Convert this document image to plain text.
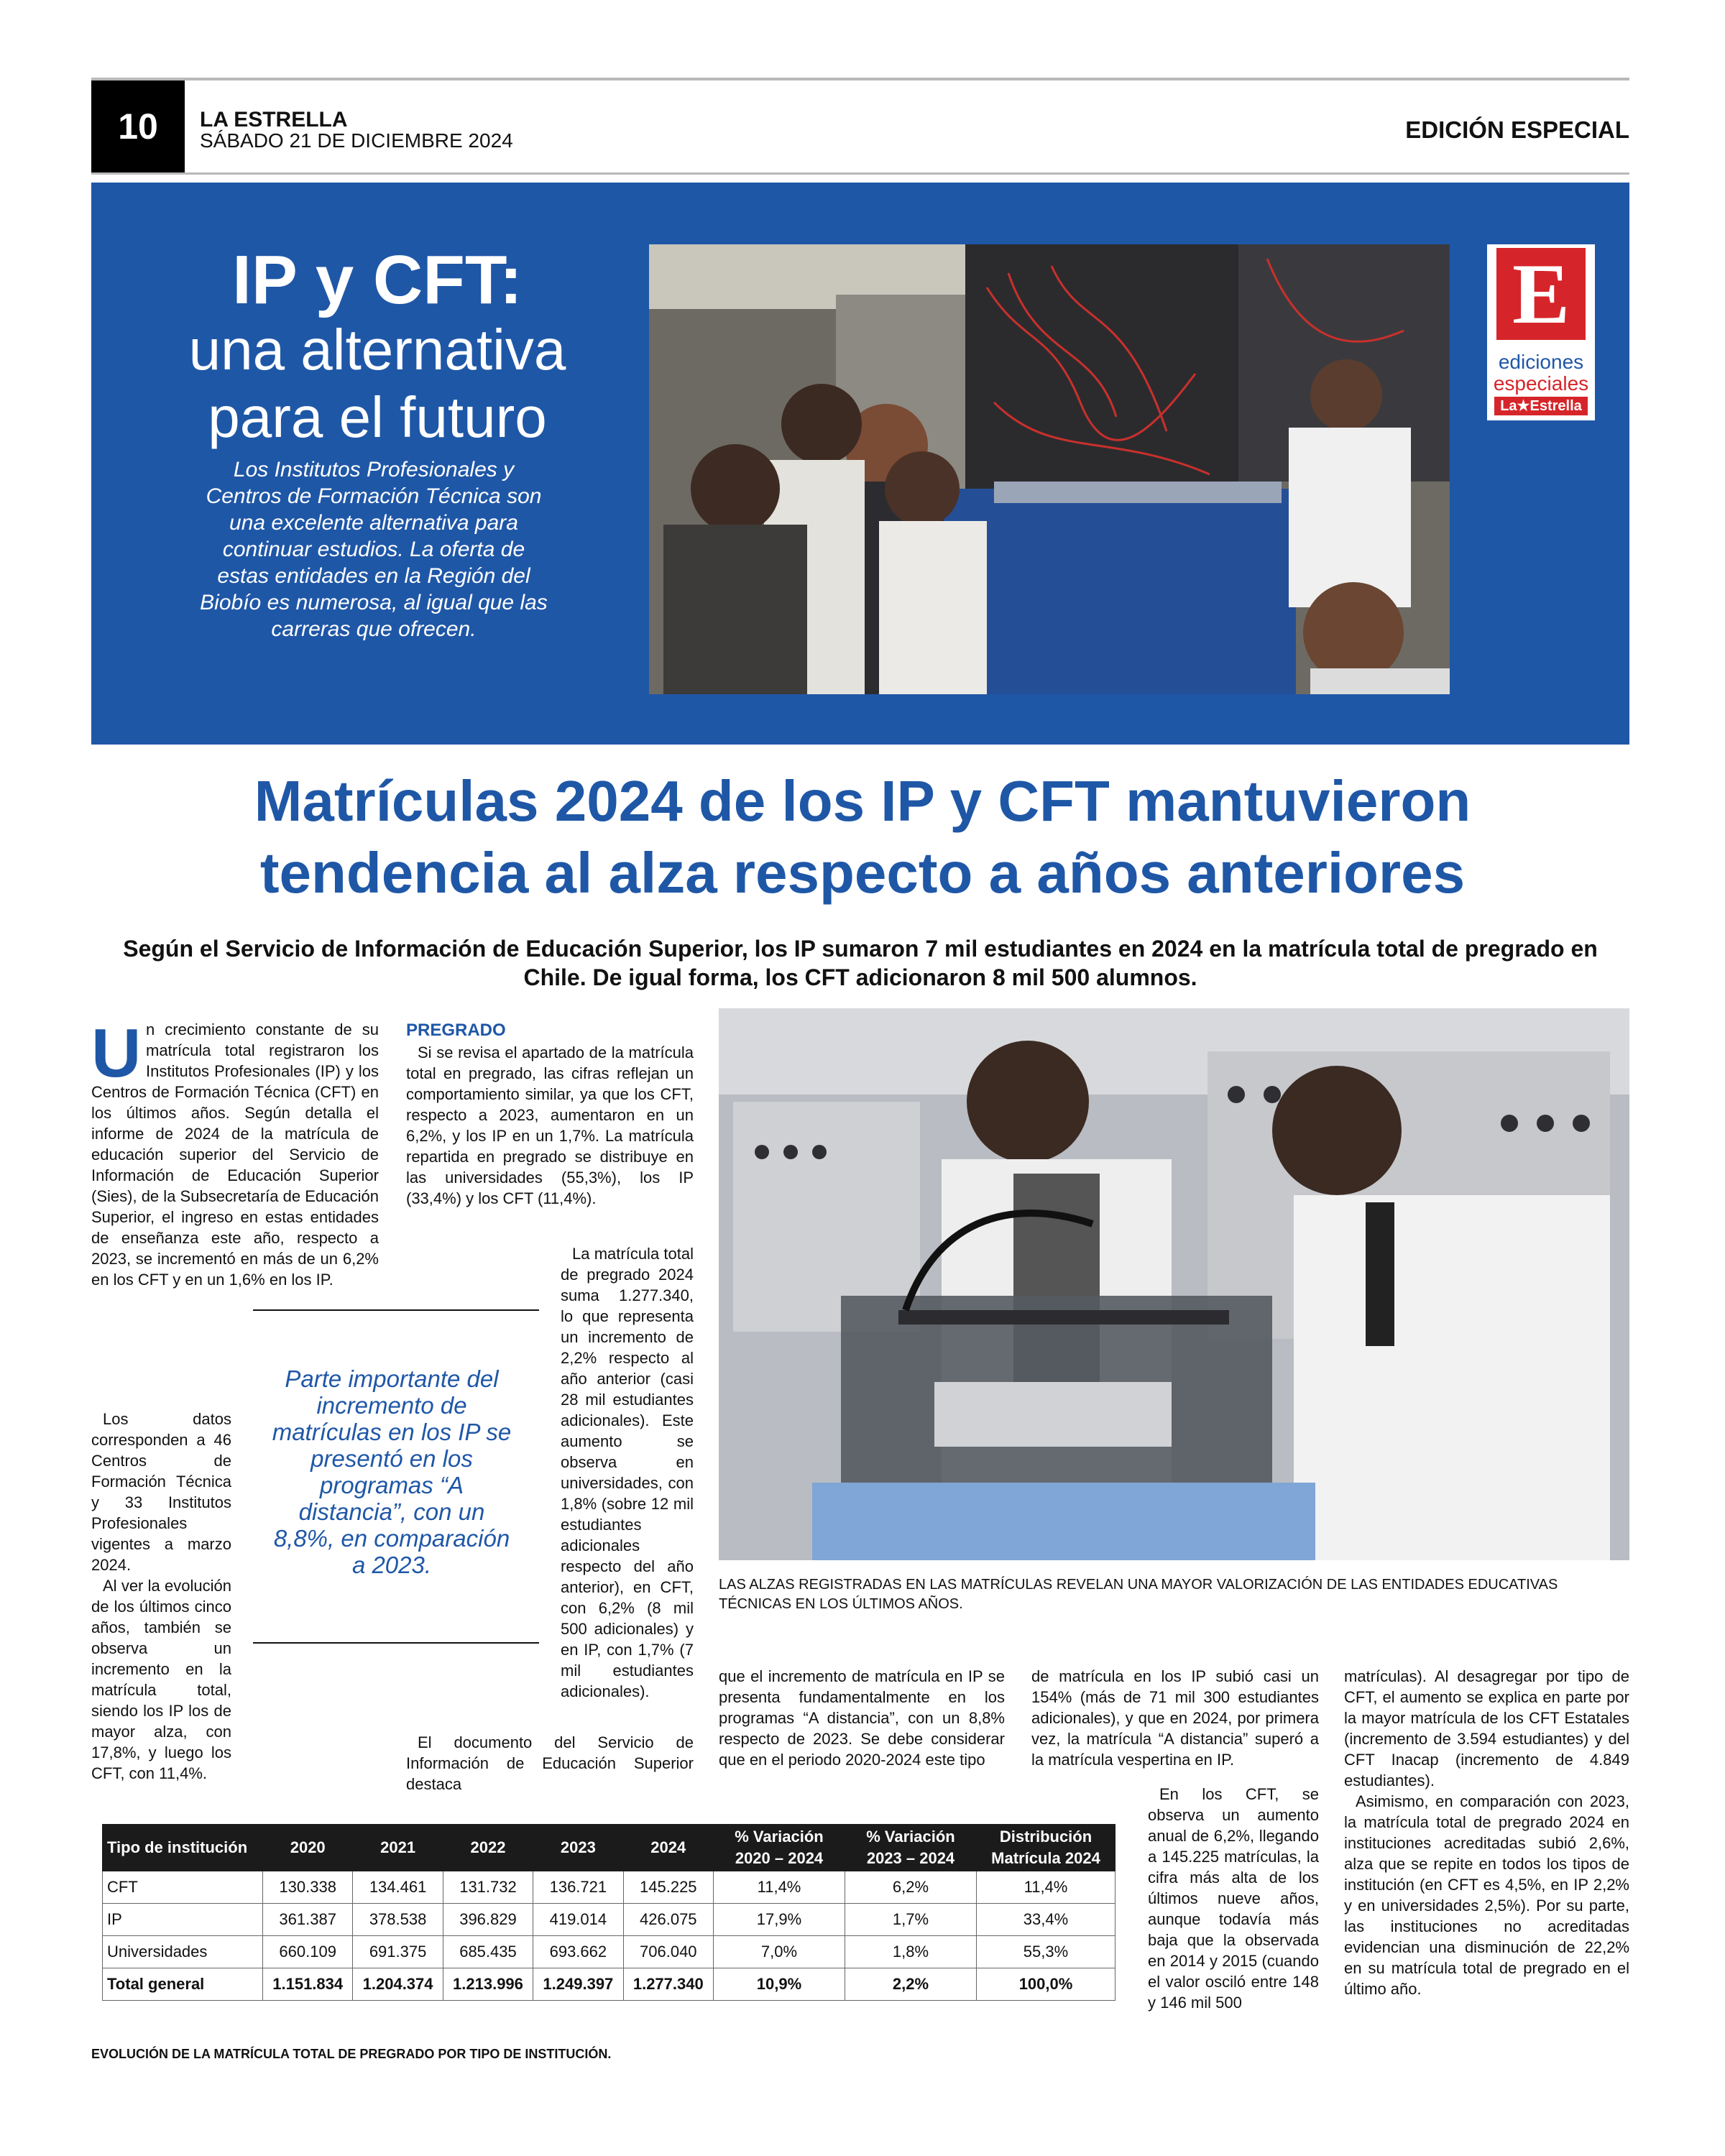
10	LA ESTRELLA
SÁBADO 21 DE DICIEMBRE 2024	EDICIÓN ESPECIAL
IP y CFT:
una alternativa
para el futuro
Los Institutos Profesionales y Centros de Formación Técnica son una excelente alternativa para continuar estudios. La oferta de estas entidades en la Región del Biobío es numerosa, al igual que las carreras que ofrecen.
E
ediciones
especiales
La★Estrella
Matrículas 2024 de los IP y CFT mantuvieron tendencia al alza respecto a años anteriores
Según el Servicio de Información de Educación Superior, los IP sumaron 7 mil estudiantes en 2024 en la matrícula total de pregrado en Chile. De igual forma, los CFT adicionaron 8 mil 500 alumnos.
U n crecimiento constante de su matrícula total registraron los Institutos Profesionales (IP) y los Centros de Formación Técnica (CFT) en los últimos años. Según detalla el informe de 2024 de la matrícula de educación superior del Servicio de Información de Educación Superior (Sies), de la Subsecretaría de Educación Superior, el ingreso en estas entidades de enseñanza este año, respecto a 2023, se incrementó en más de un 6,2% en los CFT y en un 1,6% en los IP.

Los datos corresponden a 46 Centros de Formación Técnica y 33 Institutos Profesionales vigentes a marzo 2024.

Al ver la evolución de los últimos cinco años, también se observa un incremento en la matrícula total, siendo los IP los de mayor alza, con 17,8%, y luego los CFT, con 11,4%.

Parte importante del incremento de matrículas en los IP se presentó en los programas “A distancia”, con un 8,8%, en comparación a 2023.
PREGRADO

Si se revisa el apartado de la matrícula total en pregrado, las cifras reflejan un comportamiento similar, ya que los CFT, respecto a 2023, aumentaron en un 6,2%, y los IP en un 1,7%. La matrícula repartida en pregrado se distribuye en las universidades (55,3%), los IP (33,4%) y los CFT (11,4%).

La matrícula total de pregrado 2024 suma 1.277.340, lo que representa un incremento de 2,2% respecto al año anterior (casi 28 mil estudiantes adicionales). Este aumento se observa en universidades, con 1,8% (sobre 12 mil estudiantes adicionales respecto del año anterior), en CFT, con 6,2% (8 mil 500 adicionales) y en IP, con 1,7% (7 mil estudiantes adicionales).

El documento del Servicio de Información de Educación Superior destaca

LAS ALZAS REGISTRADAS EN LAS MATRÍCULAS REVELAN UNA MAYOR VALORIZACIÓN DE LAS ENTIDADES EDUCATIVAS TÉCNICAS EN LOS ÚLTIMOS AÑOS.

que el incremento de matrícula en IP se presenta fundamentalmente en los programas “A distancia”, con un 8,8% respecto de 2023. Se debe considerar que en el periodo 2020-2024 este tipo

de matrícula en los IP subió casi un 154% (más de 71 mil 300 estudiantes adicionales), y que en 2024, por primera vez, la matrícula “A distancia” superó a la matrícula vespertina en IP.

En los CFT, se observa un aumento anual de 6,2%, llegando a 145.225 matrículas, la cifra más alta de los últimos nueve años, aunque todavía más baja que la observada en 2014 y 2015 (cuando el valor osciló entre 148 y 146 mil 500

matrículas). Al desagregar por tipo de CFT, el aumento se explica en parte por la mayor matrícula de los CFT Estatales (incremento de 3.594 estudiantes) y del CFT Inacap (incremento de 4.849 estudiantes).

Asimismo, en comparación con 2023, la matrícula total de pregrado 2024 en instituciones acreditadas subió 2,6%, alza que se repite en todos los tipos de institución (en CFT es 4,5%, en IP 2,2% y en universidades 2,5%). Por su parte, las instituciones no acreditadas evidencian una disminución de 22,2% en su matrícula total de pregrado en el último año.

Tipo de institución	2020	2021	2022	2023	2024	% Variación 2020 – 2024	% Variación 2023 – 2024	Distribución Matrícula 2024
CFT	130.338	134.461	131.732	136.721	145.225	11,4%	6,2%	11,4%
IP	361.387	378.538	396.829	419.014	426.075	17,9%	1,7%	33,4%
Universidades	660.109	691.375	685.435	693.662	706.040	7,0%	1,8%	55,3%
Total general	1.151.834	1.204.374	1.213.996	1.249.397	1.277.340	10,9%	2,2%	100,0%
EVOLUCIÓN DE LA MATRÍCULA TOTAL DE PREGRADO POR TIPO DE INSTITUCIÓN.
